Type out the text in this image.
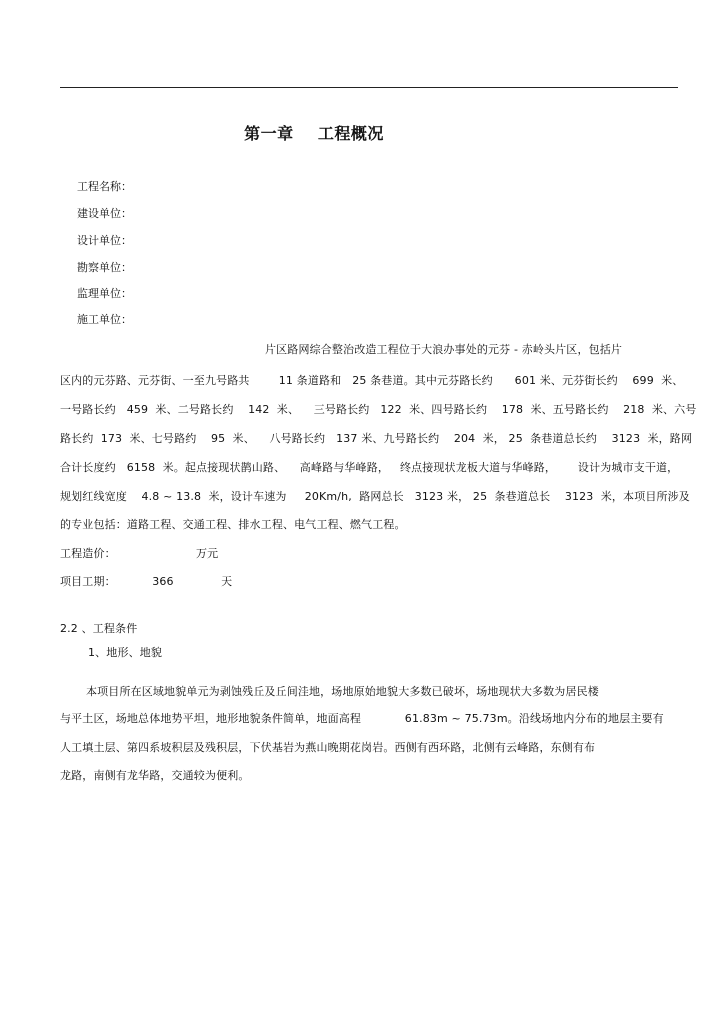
第一章    工程概况
工程名称：
建设单位：
设计单位：
勘察单位：
监理单位：
施工单位：
片区路网综合整治改造工程位于大浪办事处的元芬 - 赤岭头片区，包括片
区内的元芬路、元芬街、一至九号路共        11 条道路和   25 条巷道。其中元芬路长约      601 米、元芬街长约    699  米、
一号路长约   459  米、二号路长约    142  米、    三号路长约   122  米、四号路长约    178  米、五号路长约    218  米、六号
路长约  173  米、七号路约    95  米、    八号路长约   137 米、九号路长约    204  米， 25  条巷道总长约    3123  米，路网
合计长度约   6158  米。起点接现状鹊山路、    高峰路与华峰路，   终点接现状龙板大道与华峰路，      设计为城市支干道，
规划红线宽度    4.8 ~ 13.8  米，设计车速为     20Km/h,  路网总长   3123 米， 25  条巷道总长    3123  米，本项目所涉及
的专业包括：道路工程、交通工程、排水工程、电气工程、燃气工程。
工程造价：                      万元
项目工期：          366             天
2.2 、工程条件
1、地形、地貌
本项目所在区域地貌单元为剥蚀残丘及丘间洼地，场地原始地貌大多数已破坏，场地现状大多数为居民楼
与平土区，场地总体地势平坦，地形地貌条件简单，地面高程            61.83m ~ 75.73m。沿线场地内分布的地层主要有
人工填土层、第四系坡积层及残积层，下伏基岩为燕山晚期花岗岩。西侧有西环路，北侧有云峰路，东侧有布
龙路，南侧有龙华路，交通较为便利。
